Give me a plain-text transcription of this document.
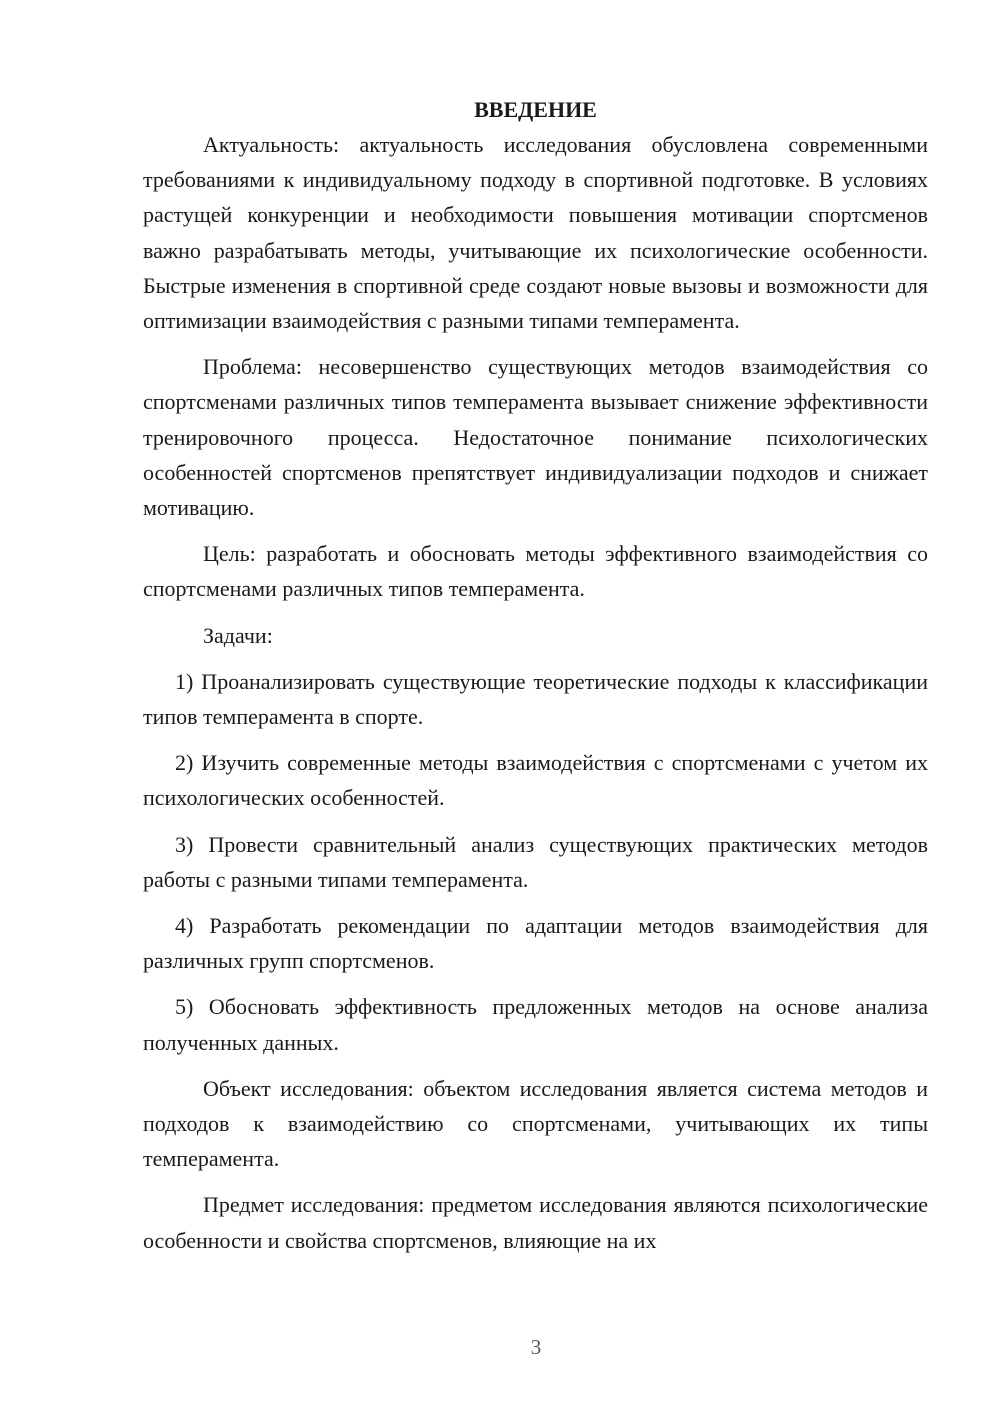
ВВЕДЕНИЕ

Актуальность: актуальность исследования обусловлена современными требованиями к индивидуальному подходу в спортивной подготовке. В условиях растущей конкуренции и необходимости повышения мотивации спортсменов важно разрабатывать методы, учитывающие их психологические особенности. Быстрые изменения в спортивной среде создают новые вызовы и возможности для оптимизации взаимодействия с разными типами темперамента.

Проблема: несовершенство существующих методов взаимодействия со спортсменами различных типов темперамента вызывает снижение эффективности тренировочного процесса. Недостаточное понимание психологических особенностей спортсменов препятствует индивидуализации подходов и снижает мотивацию.

Цель: разработать и обосновать методы эффективного взаимодействия со спортсменами различных типов темперамента.

Задачи:

1) Проанализировать существующие теоретические подходы к классификации типов темперамента в спорте.

2) Изучить современные методы взаимодействия с спортсменами с учетом их психологических особенностей.

3) Провести сравнительный анализ существующих практических методов работы с разными типами темперамента.

4) Разработать рекомендации по адаптации методов взаимодействия для различных групп спортсменов.

5) Обосновать эффективность предложенных методов на основе анализа полученных данных.

Объект исследования: объектом исследования является система методов и подходов к взаимодействию со спортсменами, учитывающих их типы темперамента.

Предмет исследования: предметом исследования являются психологические особенности и свойства спортсменов, влияющие на их

3
